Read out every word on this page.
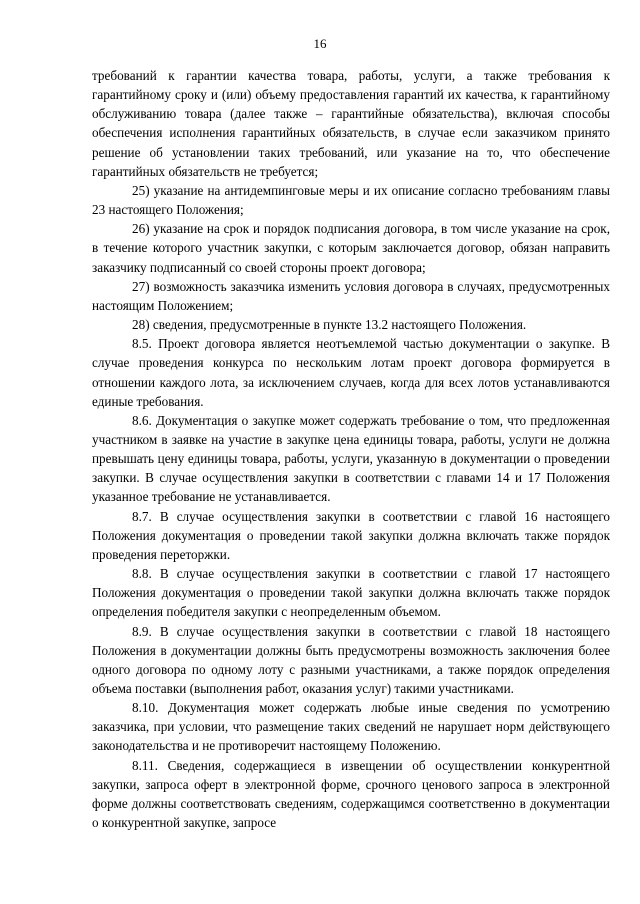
16

требований к гарантии качества товара, работы, услуги, а также требования к гарантийному сроку и (или) объему предоставления гарантий их качества, к гарантийному обслуживанию товара (далее также – гарантийные обязательства), включая способы обеспечения исполнения гарантийных обязательств, в случае если заказчиком принято решение об установлении таких требований, или указание на то, что обеспечение гарантийных обязательств не требуется;

25) указание на антидемпинговые меры и их описание согласно требованиям главы 23 настоящего Положения;

26) указание на срок и порядок подписания договора, в том числе указание на срок, в течение которого участник закупки, с которым заключается договор, обязан направить заказчику подписанный со своей стороны проект договора;

27) возможность заказчика изменить условия договора в случаях, предусмотренных настоящим Положением;

28) сведения, предусмотренные в пункте 13.2 настоящего Положения.

8.5. Проект договора является неотъемлемой частью документации о закупке. В случае проведения конкурса по нескольким лотам проект договора формируется в отношении каждого лота, за исключением случаев, когда для всех лотов устанавливаются единые требования.

8.6. Документация о закупке может содержать требование о том, что предложенная участником в заявке на участие в закупке цена единицы товара, работы, услуги не должна превышать цену единицы товара, работы, услуги, указанную в документации о проведении закупки. В случае осуществления закупки в соответствии с главами 14 и 17 Положения указанное требование не устанавливается.

8.7. В случае осуществления закупки в соответствии с главой 16 настоящего Положения документация о проведении такой закупки должна включать также порядок проведения переторжки.

8.8. В случае осуществления закупки в соответствии с главой 17 настоящего Положения документация о проведении такой закупки должна включать также порядок определения победителя закупки с неопределенным объемом.

8.9. В случае осуществления закупки в соответствии с главой 18 настоящего Положения в документации должны быть предусмотрены возможность заключения более одного договора по одному лоту с разными участниками, а также порядок определения объема поставки (выполнения работ, оказания услуг) такими участниками.

8.10. Документация может содержать любые иные сведения по усмотрению заказчика, при условии, что размещение таких сведений не нарушает норм действующего законодательства и не противоречит настоящему Положению.

8.11. Сведения, содержащиеся в извещении об осуществлении конкурентной закупки, запроса оферт в электронной форме, срочного ценового запроса в электронной форме должны соответствовать сведениям, содержащимся соответственно в документации о конкурентной закупке, запросе
